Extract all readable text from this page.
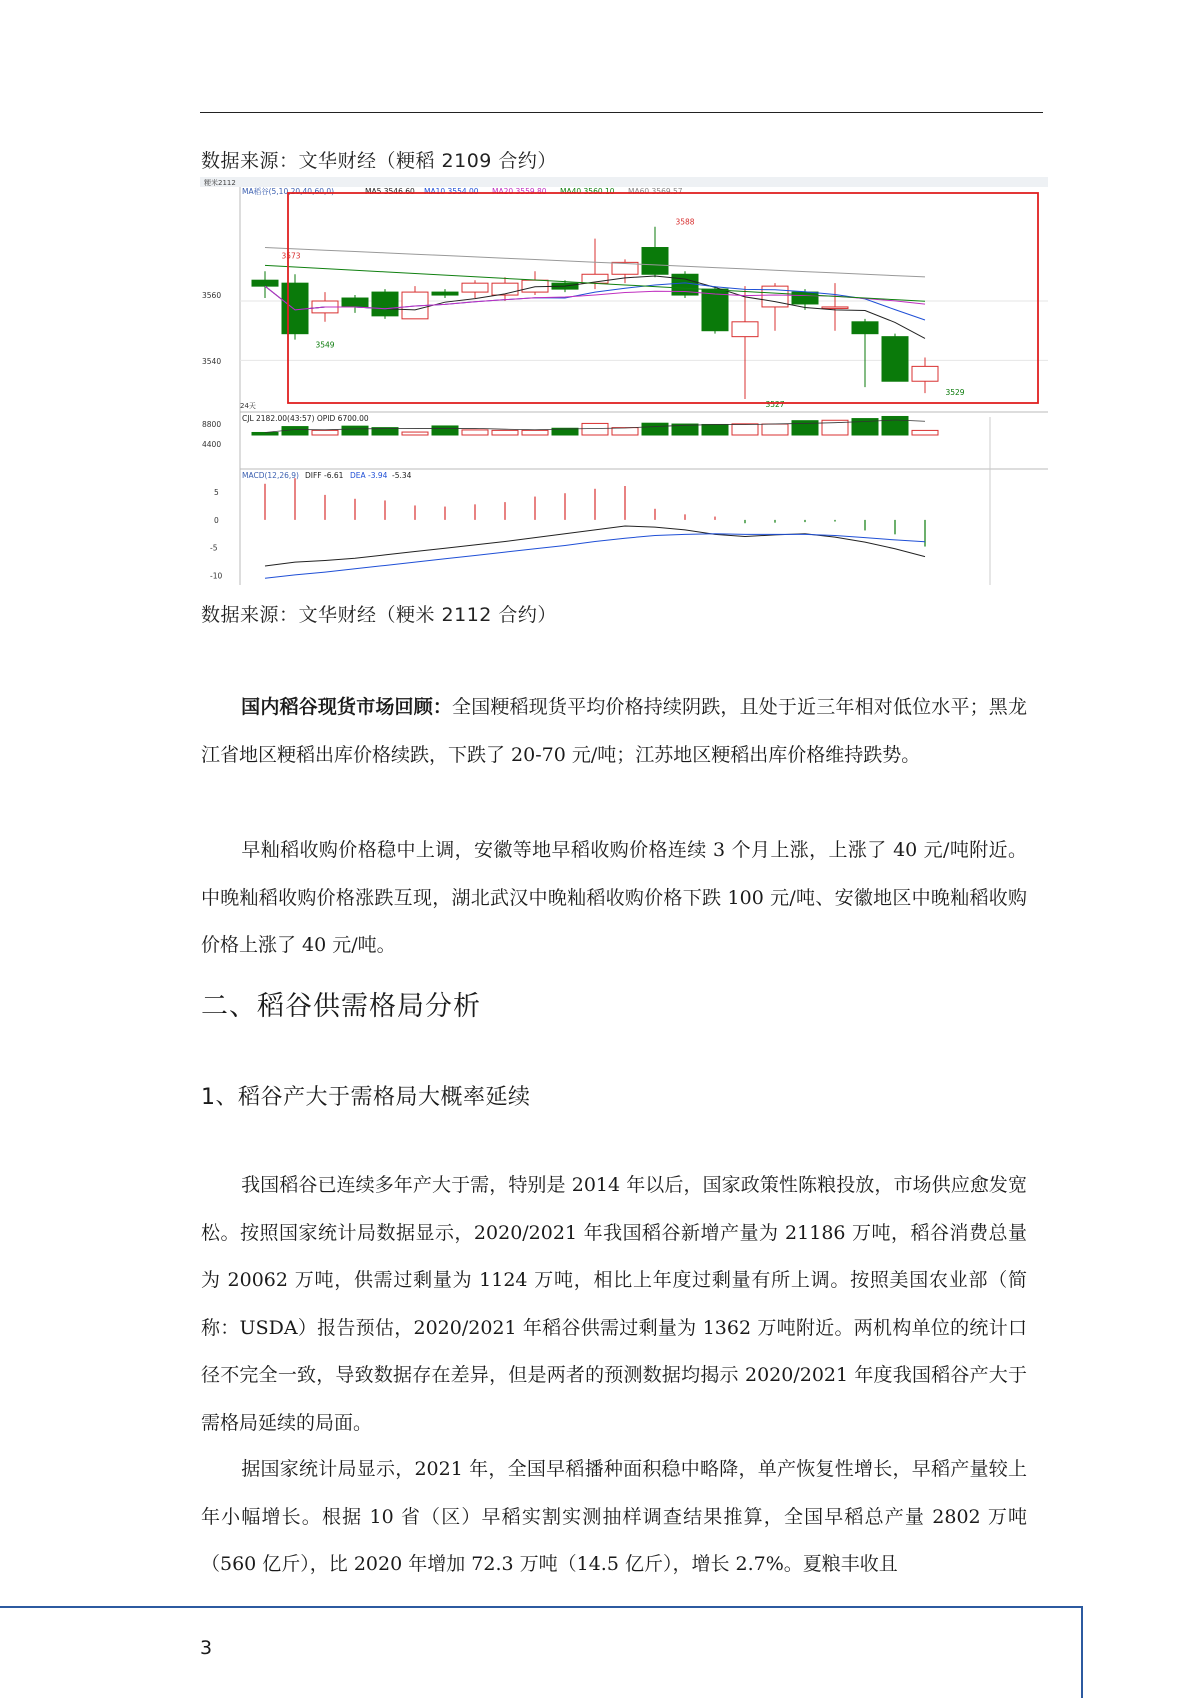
数据来源：文华财经（粳稻 2109 合约）
粳米2112
MA稻谷(5,10,20,40,60,0)	MA5 3546.60 MA10 3554.00 MA20 3559.80 MA40 3560.10 MA60 3569.57
3560
3540
24天
CJL 2182.00(43:57) OPID 6700.00
8800
4400
MACD(12,26,9) DIFF -6.61 DEA -3.94 -5.34
5
0
-5
-10
3588
3573
3549
3527
3529
数据来源：文华财经（粳米 2112 合约）
国内稻谷现货市场回顾：全国粳稻现货平均价格持续阴跌，且处于近三年相对低位水平；黑龙江省地区粳稻出库价格续跌，下跌了 20-70 元/吨；江苏地区粳稻出库价格维持跌势。
早籼稻收购价格稳中上调，安徽等地早稻收购价格连续 3 个月上涨，上涨了 40 元/吨附近。中晚籼稻收购价格涨跌互现，湖北武汉中晚籼稻收购价格下跌 100 元/吨、安徽地区中晚籼稻收购价格上涨了 40 元/吨。
二、稻谷供需格局分析
1、稻谷产大于需格局大概率延续
我国稻谷已连续多年产大于需，特别是 2014 年以后，国家政策性陈粮投放，市场供应愈发宽松。按照国家统计局数据显示，2020/2021 年我国稻谷新增产量为 21186 万吨，稻谷消费总量为 20062 万吨，供需过剩量为 1124 万吨，相比上年度过剩量有所上调。按照美国农业部（简称：USDA）报告预估，2020/2021 年稻谷供需过剩量为 1362 万吨附近。两机构单位的统计口径不完全一致，导致数据存在差异，但是两者的预测数据均揭示 2020/2021 年度我国稻谷产大于需格局延续的局面。
据国家统计局显示，2021 年，全国早稻播种面积稳中略降，单产恢复性增长，早稻产量较上年小幅增长。根据 10 省（区）早稻实割实测抽样调查结果推算，全国早稻总产量 2802 万吨（560 亿斤），比 2020 年增加 72.3 万吨（14.5 亿斤），增长 2.7%。夏粮丰收且
3
